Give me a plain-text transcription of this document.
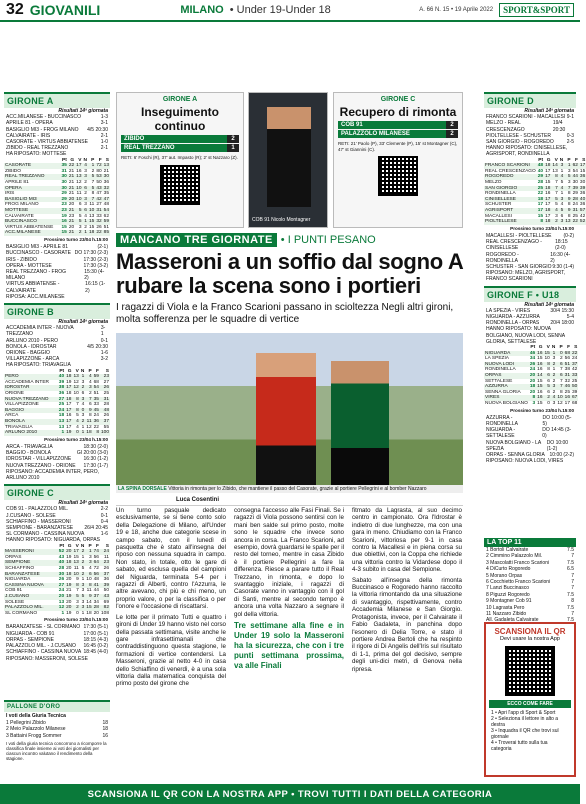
32 GIOVANILI	MILANO • Under 19-Under 18	A. 66 N. 15 • 19 Aprile 2022	SPORT&SPORT
GIRONE A
Risultati 14ª giornata
ACC.MILANESE - BUCCINASCO	1-3
APRILE 81 - OPERA	3-1
BASIGLIO MI3 - FROG MILANO 4/5 20:30
CALVAIRATE - IRIS	2-1
CASORATE - VIRTUS ABBIATENSE	1-0
ZIBIDO - REAL TREZZANO	2-1
HA RIPOSATO: MOTTESE
	Pt	G	V	N	P	F	S
CASORATE	35	22	17	4	1	72	13
ZIBIDO	31	21	16	3	2	80	21
REAL TREZZANO	30	21	13	3	5	53	30
APRILE 81	30	21	12	2	7	50	36
OPERA	30	21	10	6	5	43	32
IRIS	29	21	11	2	8	47	35
BASIGLIO MI3	29	20	10	3	7	42	47
FROG MILANO	23	20	6	3	11	27	48
MOTTESE	23	21	5	6	10	31	54
CALVAIRATE	19	23	5	4	13	33	62
BUCCINASCO	16	21	5	1	15	32	59
VIRTUS ABBIATENSE	15	20	3	2	15	26	51
ACC.MILANESE	15	21	2	1	18	22	85
Prossimo turno 23/04 h.15:00
BASIGLIO MI3 - APRILE 81	(2-1)
BUCCINASCO - CASORATE DO 17:30 (2-3)
IRIS - ZIBIDO	17:30 (2-3)
OPERA - MOTTESE	17:30 (3-2)
REAL TREZZANO - FROG MILANO
15:30 (4-2)
VIRTUS ABBIATENSE - CALVAIRATE
16:15 (1-2)
RIPOSA: ACC.MILANESE
GIRONE B
Risultati 14ª giornata
ACCADEMIA INTER - NUOVA TREZZANO
3-1
ARLUNO 2010 - PERO	0-1
BONOLA - IDROSTAR	4/5 20:30
ORIONE - BAGGIO	1-6
VILLAPIZZONE - ARCA	3-2
HA RIPOSATO: TRIAVAGLIA
	Pt	G	V	N	P	F	S
PERO	40	18	13	1	4	59	23
ACCADEMIA INTER	39	19	12	3	4	68	27
IDROSTAR	38	17	12	2	3	54	26
ORIONE	36	18	10	6	2	51	25
NUOVA TREZZANO	27	18	8	3	7	35	31
VILLAPIZZONE	25	17	7	4	6	33	28
BAGGIO	24	17	8	0	9	45	48
ARCA	18	16	5	3	8	24	26
BONOLA	13	17	4	2	11	36	37
TRIAVAGLIA	13	17	4	1	12	22	55
ARLUNO 2010	1	19	0	1	18	8	100
Prossimo turno 23/04 h.15:00
ARCA - TRIAVAGLIA	18:30 (2-0)
BAGGIO - BONOLA	GI 20:00 (3-0)
IDROSTAR - VILLAPIZZONE 16:30 (1-2)
NUOVA TREZZANO - ORIONE 17:30 (1-7)
RIPOSANO: ACCADEMIA INTER, PERO, ARLUNO 2010
GIRONE C
Risultati 14ª giornata
COB 91 - PALAZZOLO MIL.	2-2
J.CUSANO - SOLESE	0-1
SCHIAFFINO - MASSERONI	0-4
SEMPIONE - BARANZATESE 26/4 20:45
SL CORMANO - CASSINA NUOVA	1-6
HANNO RIPOSATO: NIGUARDA, ORPAS
	Pt	G	V	N	P	F	S
MASSERONI	52	20	17	2	1	74	24
ORPAS	43	19	15	1	3	56	11
SEMPIONE	40	18	13	2	3	64	23
SCHIAFFINO	28	20	11	5	4	72	26
BARANZATESE	30	18	10	2	6	56	37
NIGUARDA	26	20	9	1	10	48	36
CASSINA NUOVA	27	19	8	3	8	41	39
COB 91	24	21	7	3	11	44	50
J.CUSANO	20	19	5	5	9	37	43
SOLESE	13	20	3	3	14	34	69
PALAZZOLO MIL.	12	20	2	3	15	28	82
SL CORMANO	1	19	0	1	18	20	108
Prossimo turno 23/04 h.15:00
BARANZATESE - SL CORMANO 17:30 (5-1)
NIGUARDA - COB 91	17:00 (5-1)
ORPAS - SEMPIONE	18:15 (4-3)
PALAZZOLO MIL. - J.CUSANO 16:45 (0-2)
SCHIAFFINO - CASSINA NUOVA 18:45 (4-0)
RIPOSANO: MASSERONI, SOLESE
PALLONE D'ORO
I voti della Giuria Tecnica
1 Pellegrini Zibido	18
2 Meio Palazzolo Milanese	18
3 Battaini Frogg Sommer	16
I voti della giuria tecnica concorrono a ricomporre la classifica finale insieme ai voti dei giornalisti per ciascun incontro valutano il rendimento della stagione.
GIRONE D
Risultati 14ª giornata
FRANCO SCARIONI - MACALLESI 9-1
MELZO - REAL CRESCENZAGO
19/4 20:30
PIOLTELLESE - SCHUSTER	0-3
SAN GIORGIO - ROGOREDO	2-5
HANNO RIPOSATO: CINISELLESE, AGRISPORT, RONDINELLA
	Pt	G	V	N	P	F	S
FRANCO SCARIONI	48	18	14	3	1	62	17
REAL CRESCENZAGO	40	17	13	1	3	54	15
ROGOREDO	29	17	8	4	5	44	36
MELZO	28	15	7	5	3	30	30
SAN GIORGIO	25	18	7	4	7	39	39
RONDINELLA	22	16	7	1	8	29	36
CINISELLESE	18	17	5	3	9	28	40
SCHUSTER	17	17	5	4	8	24	36
AGRISPORT	17	18	4	5	9	31	57
MACALLESI	15	17	3	6	8	25	42
PIOLTELLESE	8	18	2	3	13	22	52
Prossimo turno 23/04 h.15:00
MACALLESI - PIOLTELLESE (0-2)
REAL CRESCENZAGO - CINISELLESE
18:15 (2-0)
ROGOREDO - RONDINELLA
16:30 (4-2)
SCHUSTER - SAN GIORGIO 9:30 (1-4)
RIPOSANO: MELZO, AGRISPORT, FRANCO SCARIONI
GIRONE F • U18
Risultati 14ª giornata
LA SPEZIA - VIRES	30/4 15:30
NIGUARDA - AZZURRA	5-4
RONDINELLA - ORPAS 20/4 18:00
HANNO RIPOSATO: NUOVA BOLGIANO, NUOVA LODI, SENNA GLORIA, SETTALESE
	Pt	G	V	N	P	F	S
NIGUARDA	46	16	15	1	0	68	22
LA SPEZIA	34	15	10	3	2	56	24
NUOVA LODI	26	16	8	2	6	51	37
RONDINELLA	24	16	8	1	7	38	42
ORPAS	20	14	6	2	6	31	33
SETTALESE	20	15	6	2	7	32	25
AZZURRA	18	15	5	3	7	46	50
SENNA GLORIA	20	16	6	2	8	25	39
VIRES	8	16	2	4	10	16	67
NUOVA BOLGIANO	3	15	0	3	12	17	68
Prossimo turno 23/04 h.15:00
AZZURRA - RONDINELLA
DO 10:00 (5-5)
NIGUARDA - SETTALESE
DO 14:45 (3-0)
NUOVA BOLGIANO - LA SPEZIA
DO 10:00 (1-2)
ORPAS - SENNA GLORIA 10:00 (2-2)
RIPOSANO: NUOVA LODI, VIRES
GIRONE A
Inseguimento continuo
ZIBIDO	2
REAL TREZZANO	1
RETI: 6' Foschi (R), 37' aut. Impasto (R); 2' st Nazzaro (Z).
COB 91 Nicolo Montagner
GIRONE C
Recupero di rimonta
COB 91	2
PALAZZOLO MILANESE	2
RETI: 21' Paolo (P), 33' Clemente (P), 15' st Montagner (C), 47' st Giannini (C).
MANCANO TRE GIORNATE • I PUNTI PESANO
Masseroni a un soffio dal sogno A rubare la scena sono i portieri
I ragazzi di Viola e la Franco Scarioni passano in scioltezza Negli altri gironi, molta sofferenza per le squadre di vertice
LA SPINA DORSALE Vittoria in rimonta per lo Zibido, che mantiene il passo del Casorate, grazie al portiere Pellegrini e al bomber Nazzaro
Luca Cosentini

Un turno pasquale dedicato esclusivamente, se si tiene conto solo della Delegazione di Milano, all'Under 19 e 18, anche due categorie scese in campo sabato, con il lunedì di pasquetta che è stato all'insegna del riposo con nessuna squadra in campo. Non stato, in totale, otto le gare di sabato, ed esclusa quella del campioni del Niguarda, terminata 5-4 per i ragazzi di Alberti, contro l'Azzurra, le altre avevano, chi più e chi meno, un proprio valore, o per la classifica o per l'onore e l'occasione di riscattarsi.

Le lotte per il primato Tutti e quattro i gironi di Under 19 hanno visto nel corso della passata settimana, visite anche le gare infrasettimanali che contraddistinguono questa stagione, le formazioni di vertice contendersi. La Masseroni, grazie al netto 4-0 in casa dello Schiaffino di venerdì, è a una sola vittoria dalla matematica conquista del primo posto del girone che

consegna l'accesso alle Fasi Finali. Se i ragazzi di Viola possono sentirsi con le mani ben salde sul primo posto, molte sono le squadre che invece sono ancora in corsa. La Franco Scarioni, ad esempio, dovrà guardarsi le spalle per il resto del torneo, mentre in casa Zibido è il portiere Pellegrini a fare la differenza. Riesce a parare tutto il Real Trezzano, in rimonta, e dopo lo svantaggio iniziale, i ragazzi di Casorate vanno in vantaggio con il gol di Santi, mentre al secondo tempo è ancora una volta Nazzaro a segnare il gol della vittoria.

Tre settimane alla fine e in Under 19 solo la Masseroni ha la sicurezza, che con i tre punti settimana prossima, va alle Finali

fitmato da Lagrasta, al suo decimo centro in campionato. Ora l'Idrostar è indietro di due lunghezze, ma con una gara in meno. Chiudiamo con la Franco Scarioni, vittoriosa per 9-1 in casa contro la Macallesi e in piena corsa su due obiettivi, con la Coppa che richiede una vittoria contro la Vidardese dopo il 4-3 subito in casa del Sempione.

Sabato all'insegna della rimonta Buccinasco e Rogoredo hanno raccolto la vittoria rimontando da una situazione di svantaggio, rispettivamente, contro Accademia Milanese e San Giorgio. Protagonista, invece, per il Calvairate il Fabio Gadaleta, in panchina dopo l'esonero di Delia Torre, e stato il portiere Andrea Bertoli che ha respinto il rigore di Di Angelis dell'Iris sul risultato di 1-1, prima del gol decisivo, sempre degli uni-dici metri, di Genova nella ripresa.

LA TOP 11
1 Bortoli Calvairate	7.5
2 Cimmino Palazzolo Mil.	7
3 Mascolatti Franco Scarioni	7.5
4 DiCurto Rogoredo	6.5
5 Morano Orpas	7
6 Cocchietto Franco Scarioni	7
7 Lanzi Buccinasco	7
8 Piguzzi Rogoredo	7.5
9 Montagner Cob 91	8
10 Lagrasta Pero	7.5
11 Nazzaro Zibido	7
All. Gadaleta Calvairate	7.5
SCANSIONA IL QR
Devi usare la nostra App
ECCO COME FARE
1 • Apri l'app di Sport & Sport
2 • Seleziona il lettore in alto a destra
3 • Inquadra il QR che trovi sul giornale
4 • Troverai tutto sulla tua categoria
SCANSIONA IL QR CON LA NOSTRA APP • TROVI TUTTI I DATI DELLA CATEGORIA
